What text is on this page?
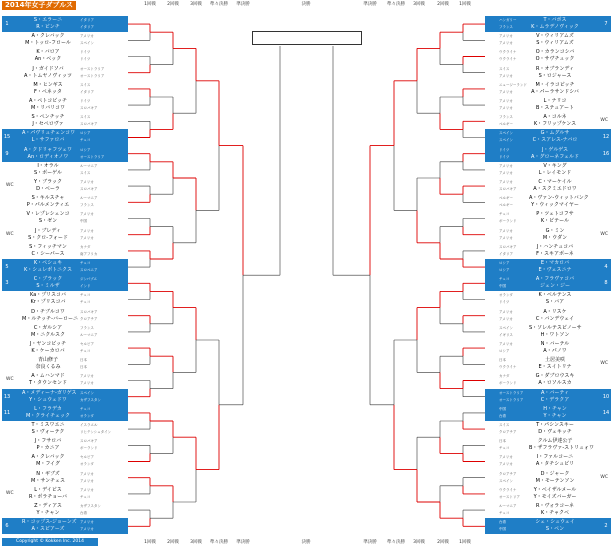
2014年女子ダブルス	1回戦 2回戦 3回戦 準々決勝 準決勝	決勝	準決勝 準々決勝 3回戦	2回戦 1回戦
1回戦 2回戦 3回戦 準々決勝 準決勝	決勝	準決勝 準々決勝 3回戦	2回戦 1回戦
1
S・エラーニ
R・ビンチ
イタリア
イタリア
A・クレバック
M・トッロ-フロール
アメリカ
スペイン
K・バロア
An・ベック
ドイツ
ドイツ
J・ガイドソバ
A・トムヤノヴィッツ
オーストラリア
オーストラリア
M・ヒンギス
F・ペネッタ
スイス
イタリア
A・ペトコビッチ
M・リバリコワ
ドイツ
スロバキア
S・ペンチッチ
J・セペロヴァ
スイス
スロバキア
15
A・パヴリュチェンコワ
L・サファロバ
ロシア
チェコ
9
A・クドリャフツェワ
An・ロディオノワ
ロシア
オーストラリア
I・オラル
S・ボーゲル
ルーマニア
スイス
Y・ブラック
D・ベーラ
アメリカ
スロバキア
WC
S・キルスチャ
P・パルメンティエ
ルーマニア
フランス
V・レプレシェンコ
S・ゼン
アメリカ
中国
J・ブレディ
S・クロ-フォード
アメリカ
アメリカ
WC
S・フィッチマン
C・シーパース
カナダ
南アフリカ
5
K・ペシュキ
K・シュレボトニクス
チェコ
スロベニア
3
C・ブラック
S・ミルザ
ジンバブエ
インド
Ka・プリスコバ
Kr・プリスコバ
チェコ
チェコ
D・チブルコワ
M・ルチッチ-バーローニ
スロバキア
クロアチア
C・ガルシア
M・ニクルスク
フランス
ルーマニア
J・ヤンコビッチ
K・ケーカロバ
セルビア
チェコ
青山修子
奈良くるみ
日本
日本
A・ムハンマド
T・タウンセンド
アメリカ
アメリカ
WC
13
A・メディーナ-ガリゲス
Y・シュウェドワ
スペイン
カザフスタン
11
L・フラデカ
M・クライチェック
チェコ
オランダ
T・ミスワエニ
S・ヴォーテク
イスラエル
リヒテンシュタイン
J・フサロバ
P・カニア
スロバキア
ポーランド
A・クレバック
M・フイグ
セルビア
オランダ
N・ギブズ
M・サンチェス
アメリカ
アメリカ
L・デイビス
R・ボラチョーバ
アメリカ
チェコ
WC
Z・ディアス
Y・チャン
カザフスタン
台湾
6
R・コップス-ジョーンズ
A・スピアーズ
アメリカ
アメリカ
7
T・バボス
K・ムラデノヴィック
ハンガリー
フランス
V・ウィリアムズ
S・ウィリアムズ
アメリカ
アメリカ
O・カランコシバ
O・サヴチュック
ウクライナ
ウクライナ
R・オブランディ
S・ロジャース
スイス
アメリカ
M・イラコビッチ
A・パーラサンドシバ
ニュージーランド
アメリカ
L・ナリコ
B・ステュアート
アメリカ
アメリカ
A・コルネ
K・フリップケンス
フランス
ベルギー
WC
12
G・ムグルサ
C・スアレス-ナバロ
スペイン
スペイン
16
J・ゲルゲス
A・グローネフェルド
ドイツ
ドイツ
V・キング
L・レイモンド
アメリカ
アメリカ
C・マーケイル
A・スクミエドロワ
アメリカ
スロバキア
A・ヴァン-ウィットバンク
Y・ウィックマイヤー
ベルギー
ベルギー
P・ツェトコフサ
K・ピテール
チェコ
ポーランド
G・ミン
M・ウダン
アメリカ
アメリカ
WC
J・ハンチュコバ
F・スキアボーネ
スロバキア
イタリア
4
E・マカロバ
E・ヴェスニナ
ロシア
ロシア
8
A・フラヴァコバ
ジェン・ジー
チェコ
中国
K・ベルテンス
S・バア
オランダ
ドイツ
A・リスケ
C・バンデウェイ
アメリカ
アメリカ
S・ソレルテスピノーサ
H・ワトソン
スペイン
イギリス
N・バーテル
A・パノワ
アメリカ
ロシア
土居美咲
E・スイトリナ
日本
ウクライナ
WC
G・ダブロウスキ
A・ロソルスカ
カナダ
ポーランド
10
A・バーティ
C・デラクア
オーストラリア
オーストラリア
14
H・チャン
Y・チャン
中国
台湾
T・パシンスキー
D・ヴェキッチ
スイス
クロアチア
クルム伊達公子
B・ザフラヴァ-ストリュォワ
日本
チェコ
I・ファルコーニ
A・タチシュビリ
アメリカ
アメリカ
D・ジャーク
M・モーテンソン
クロアチア
スペイン
WC
Y・ベイザルメール
Y・モイズバーガー
ウクライナ
オーストリア
R・ヴォラコーネ
K・チャクベ
ルーマニア
チェコ
2
シェ・シュウェイ
S・ペン
台湾
中国
Copyright © Kokken Inc. 2014
